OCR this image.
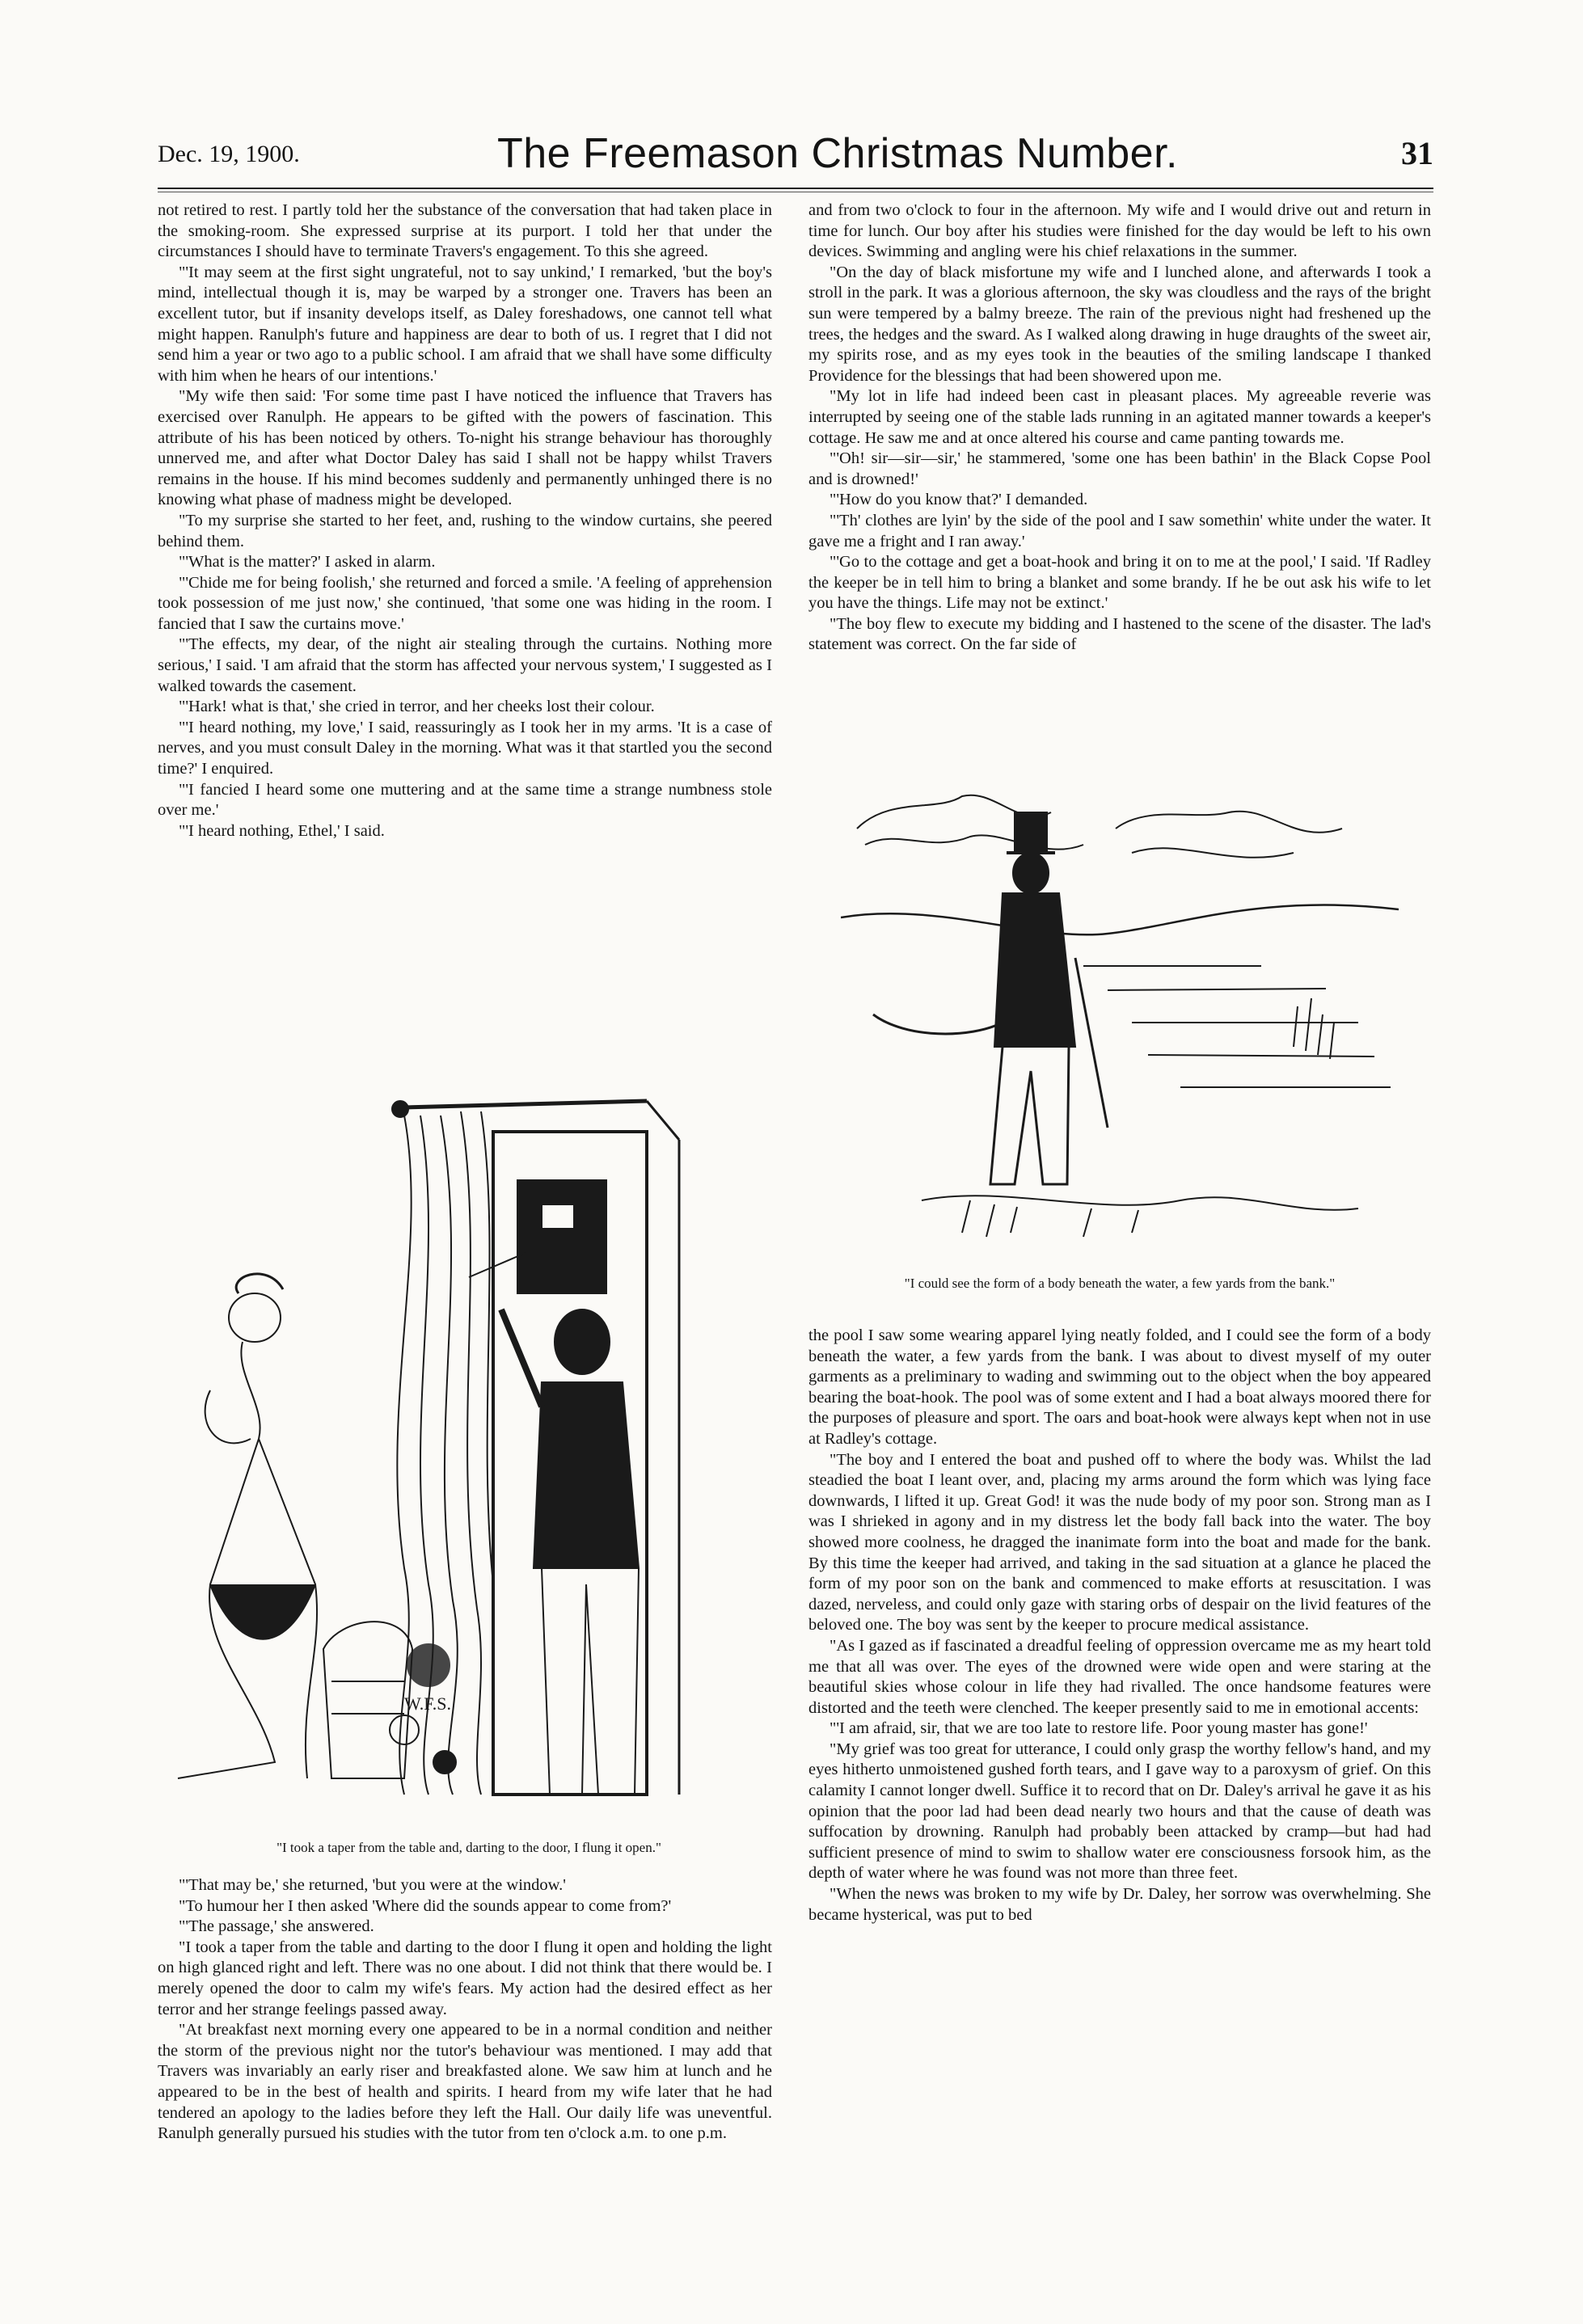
Dec. 19, 1900.	The Freemason Christmas Number.	31

not retired to rest. I partly told her the substance of the conversation that had taken place in the smoking-room. She expressed surprise at its purport. I told her that under the circumstances I should have to terminate Travers's engagement. To this she agreed.

"'It may seem at the first sight ungrateful, not to say unkind,' I remarked, 'but the boy's mind, intellectual though it is, may be warped by a stronger one. Travers has been an excellent tutor, but if insanity develops itself, as Daley foreshadows, one cannot tell what might happen. Ranulph's future and happiness are dear to both of us. I regret that I did not send him a year or two ago to a public school. I am afraid that we shall have some difficulty with him when he hears of our intentions.'

"My wife then said: 'For some time past I have noticed the influence that Travers has exercised over Ranulph. He appears to be gifted with the powers of fascination. This attribute of his has been noticed by others. To-night his strange behaviour has thoroughly unnerved me, and after what Doctor Daley has said I shall not be happy whilst Travers remains in the house. If his mind becomes suddenly and permanently unhinged there is no knowing what phase of madness might be developed.

"To my surprise she started to her feet, and, rushing to the window curtains, she peered behind them.

"'What is the matter?' I asked in alarm.

"'Chide me for being foolish,' she returned and forced a smile. 'A feeling of apprehension took possession of me just now,' she continued, 'that some one was hiding in the room. I fancied that I saw the curtains move.'

"'The effects, my dear, of the night air stealing through the curtains. Nothing more serious,' I said. 'I am afraid that the storm has affected your nervous system,' I suggested as I walked towards the casement.

"'Hark! what is that,' she cried in terror, and her cheeks lost their colour.

"'I heard nothing, my love,' I said, reassuringly as I took her in my arms. 'It is a case of nerves, and you must consult Daley in the morning. What was it that startled you the second time?' I enquired.

"'I fancied I heard some one muttering and at the same time a strange numbness stole over me.'

"'I heard nothing, Ethel,' I said.

W.F.S.
"I took a taper from the table and, darting to the door, I flung it open."

"'That may be,' she returned, 'but you were at the window.'

"To humour her I then asked 'Where did the sounds appear to come from?'

"'The passage,' she answered.

"I took a taper from the table and darting to the door I flung it open and holding the light on high glanced right and left. There was no one about. I did not think that there would be. I merely opened the door to calm my wife's fears. My action had the desired effect as her terror and her strange feelings passed away.

"At breakfast next morning every one appeared to be in a normal condition and neither the storm of the previous night nor the tutor's behaviour was mentioned. I may add that Travers was invariably an early riser and breakfasted alone. We saw him at lunch and he appeared to be in the best of health and spirits. I heard from my wife later that he had tendered an apology to the ladies before they left the Hall. Our daily life was uneventful. Ranulph generally pursued his studies with the tutor from ten o'clock a.m. to one p.m.

and from two o'clock to four in the afternoon. My wife and I would drive out and return in time for lunch. Our boy after his studies were finished for the day would be left to his own devices. Swimming and angling were his chief relaxations in the summer.

"On the day of black misfortune my wife and I lunched alone, and afterwards I took a stroll in the park. It was a glorious afternoon, the sky was cloudless and the rays of the bright sun were tempered by a balmy breeze. The rain of the previous night had freshened up the trees, the hedges and the sward. As I walked along drawing in huge draughts of the sweet air, my spirits rose, and as my eyes took in the beauties of the smiling landscape I thanked Providence for the blessings that had been showered upon me.

"My lot in life had indeed been cast in pleasant places. My agreeable reverie was interrupted by seeing one of the stable lads running in an agitated manner towards a keeper's cottage. He saw me and at once altered his course and came panting towards me.

"'Oh! sir—sir—sir,' he stammered, 'some one has been bathin' in the Black Copse Pool and is drowned!'

"'How do you know that?' I demanded.

"'Th' clothes are lyin' by the side of the pool and I saw somethin' white under the water. It gave me a fright and I ran away.'

"'Go to the cottage and get a boat-hook and bring it on to me at the pool,' I said. 'If Radley the keeper be in tell him to bring a blanket and some brandy. If he be out ask his wife to let you have the things. Life may not be extinct.'

"The boy flew to execute my bidding and I hastened to the scene of the disaster. The lad's statement was correct. On the far side of

"I could see the form of a body beneath the water, a few yards from the bank."

the pool I saw some wearing apparel lying neatly folded, and I could see the form of a body beneath the water, a few yards from the bank. I was about to divest myself of my outer garments as a preliminary to wading and swimming out to the object when the boy appeared bearing the boat-hook. The pool was of some extent and I had a boat always moored there for the purposes of pleasure and sport. The oars and boat-hook were always kept when not in use at Radley's cottage.

"The boy and I entered the boat and pushed off to where the body was. Whilst the lad steadied the boat I leant over, and, placing my arms around the form which was lying face downwards, I lifted it up. Great God! it was the nude body of my poor son. Strong man as I was I shrieked in agony and in my distress let the body fall back into the water. The boy showed more coolness, he dragged the inanimate form into the boat and made for the bank. By this time the keeper had arrived, and taking in the sad situation at a glance he placed the form of my poor son on the bank and commenced to make efforts at resuscitation. I was dazed, nerveless, and could only gaze with staring orbs of despair on the livid features of the beloved one. The boy was sent by the keeper to procure medical assistance.

"As I gazed as if fascinated a dreadful feeling of oppression overcame me as my heart told me that all was over. The eyes of the drowned were wide open and were staring at the beautiful skies whose colour in life they had rivalled. The once handsome features were distorted and the teeth were clenched. The keeper presently said to me in emotional accents:

"'I am afraid, sir, that we are too late to restore life. Poor young master has gone!'

"My grief was too great for utterance, I could only grasp the worthy fellow's hand, and my eyes hitherto unmoistened gushed forth tears, and I gave way to a paroxysm of grief. On this calamity I cannot longer dwell. Suffice it to record that on Dr. Daley's arrival he gave it as his opinion that the poor lad had been dead nearly two hours and that the cause of death was suffocation by drowning. Ranulph had probably been attacked by cramp—but had had sufficient presence of mind to swim to shallow water ere consciousness forsook him, as the depth of water where he was found was not more than three feet.

"When the news was broken to my wife by Dr. Daley, her sorrow was overwhelming. She became hysterical, was put to bed
